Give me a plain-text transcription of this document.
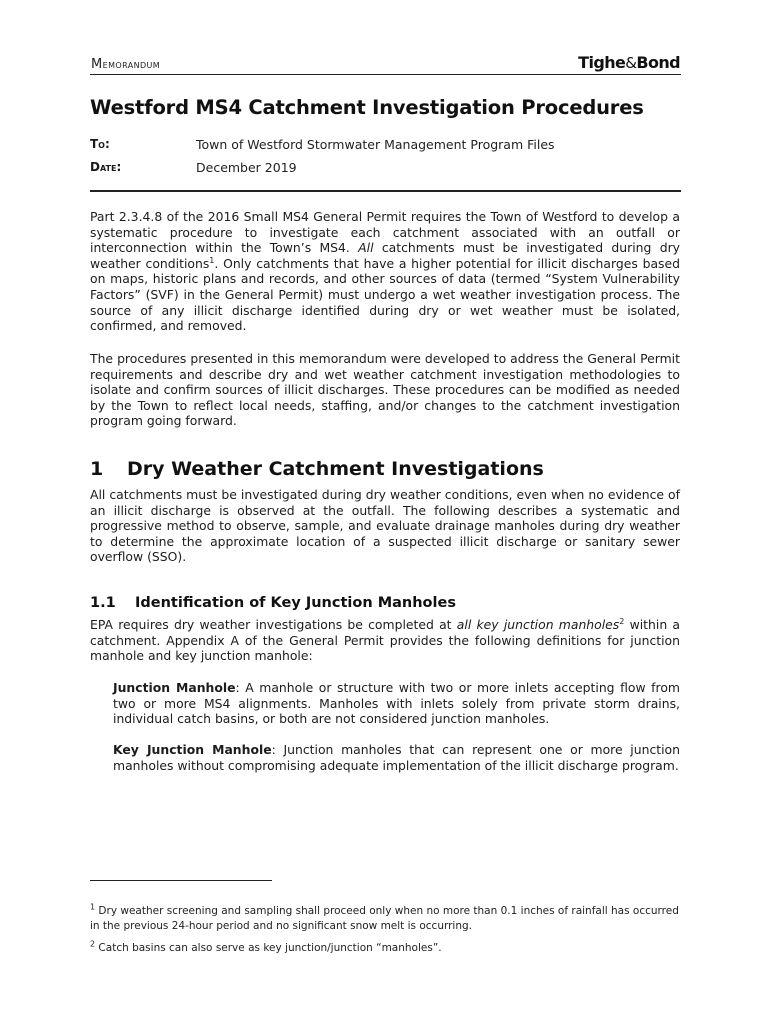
Memorandum	Tighe&Bond
Westford MS4 Catchment Investigation Procedures
To:	Town of Westford Stormwater Management Program Files
Date:	December 2019
Part 2.3.4.8 of the 2016 Small MS4 General Permit requires the Town of Westford to develop a systematic procedure to investigate each catchment associated with an outfall or interconnection within the Town’s MS4. All catchments must be investigated during dry weather conditions$^1$. Only catchments that have a higher potential for illicit discharges based on maps, historic plans and records, and other sources of data (termed “System Vulnerability Factors” (SVF) in the General Permit) must undergo a wet weather investigation process. The source of any illicit discharge identified during dry or wet weather must be isolated, confirmed, and removed.
The procedures presented in this memorandum were developed to address the General Permit requirements and describe dry and wet weather catchment investigation methodologies to isolate and confirm sources of illicit discharges. These procedures can be modified as needed by the Town to reflect local needs, staffing, and/or changes to the catchment investigation program going forward.
1 Dry Weather Catchment Investigations
All catchments must be investigated during dry weather conditions, even when no evidence of an illicit discharge is observed at the outfall. The following describes a systematic and progressive method to observe, sample, and evaluate drainage manholes during dry weather to determine the approximate location of a suspected illicit discharge or sanitary sewer overflow (SSO).
1.1 Identification of Key Junction Manholes
EPA requires dry weather investigations be completed at all key junction manholes$^2$ within a catchment. Appendix A of the General Permit provides the following definitions for junction manhole and key junction manhole:
Junction Manhole: A manhole or structure with two or more inlets accepting flow from two or more MS4 alignments. Manholes with inlets solely from private storm drains, individual catch basins, or both are not considered junction manholes.
Key Junction Manhole: Junction manholes that can represent one or more junction manholes without compromising adequate implementation of the illicit discharge program.
$^1$ Dry weather screening and sampling shall proceed only when no more than 0.1 inches of rainfall has occurred in the previous 24-hour period and no significant snow melt is occurring.
$^2$ Catch basins can also serve as key junction/junction “manholes”.
